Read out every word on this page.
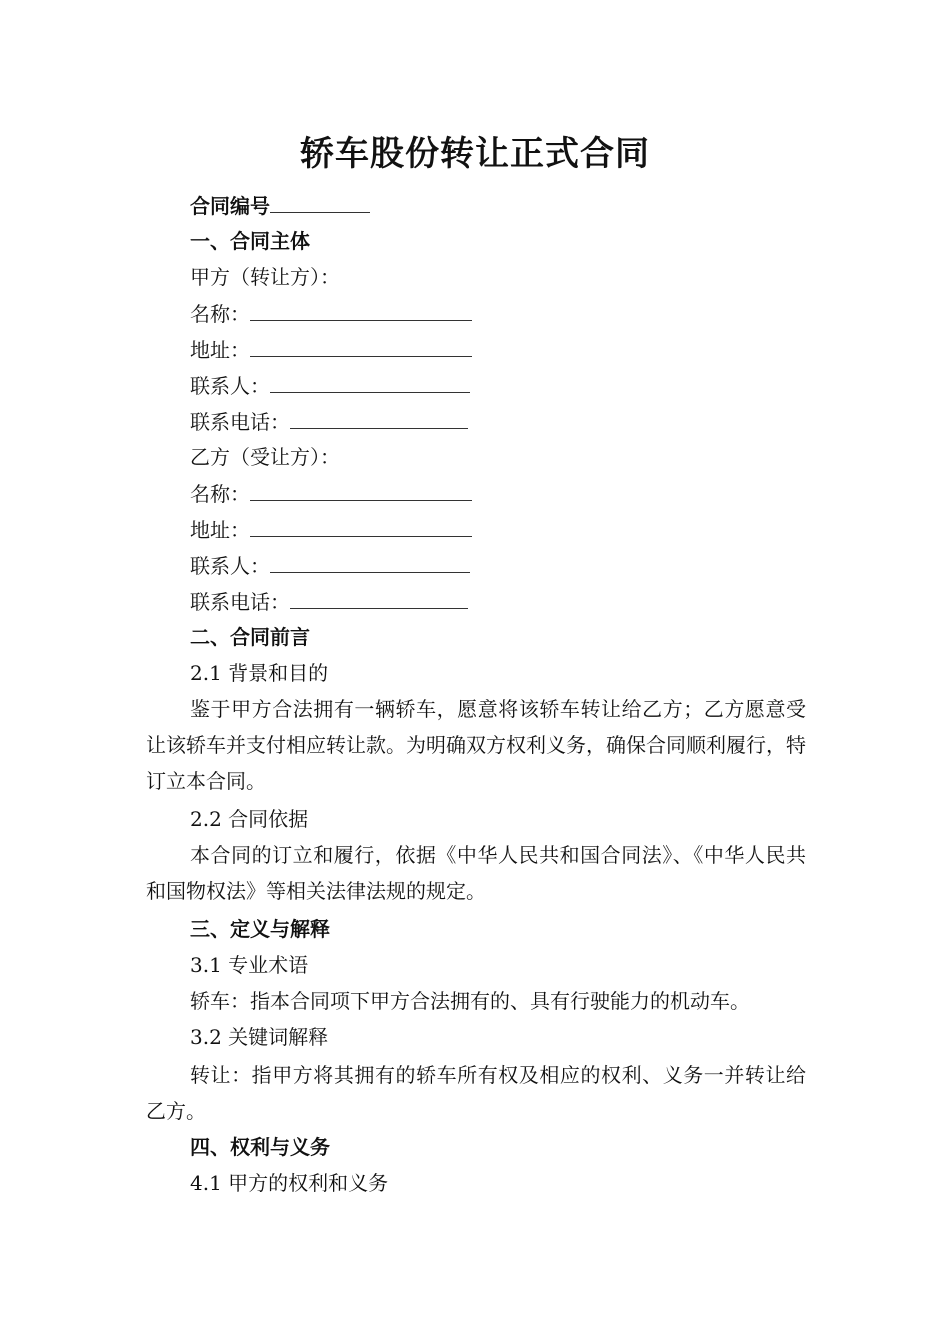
轿车股份转让正式合同
合同编号
一、合同主体
甲方（转让方）：
名称：
地址：
联系人：
联系电话：
乙方（受让方）：
名称：
地址：
联系人：
联系电话：
二、合同前言
2.1 背景和目的
鉴于甲方合法拥有一辆轿车，愿意将该轿车转让给乙方；乙方愿意受让该轿车并支付相应转让款。为明确双方权利义务，确保合同顺利履行，特订立本合同。
2.2 合同依据
本合同的订立和履行，依据《中华人民共和国合同法》、《中华人民共和国物权法》等相关法律法规的规定。
三、定义与解释
3.1 专业术语
轿车：指本合同项下甲方合法拥有的、具有行驶能力的机动车。
3.2 关键词解释
转让：指甲方将其拥有的轿车所有权及相应的权利、义务一并转让给乙方。
四、权利与义务
4.1 甲方的权利和义务
